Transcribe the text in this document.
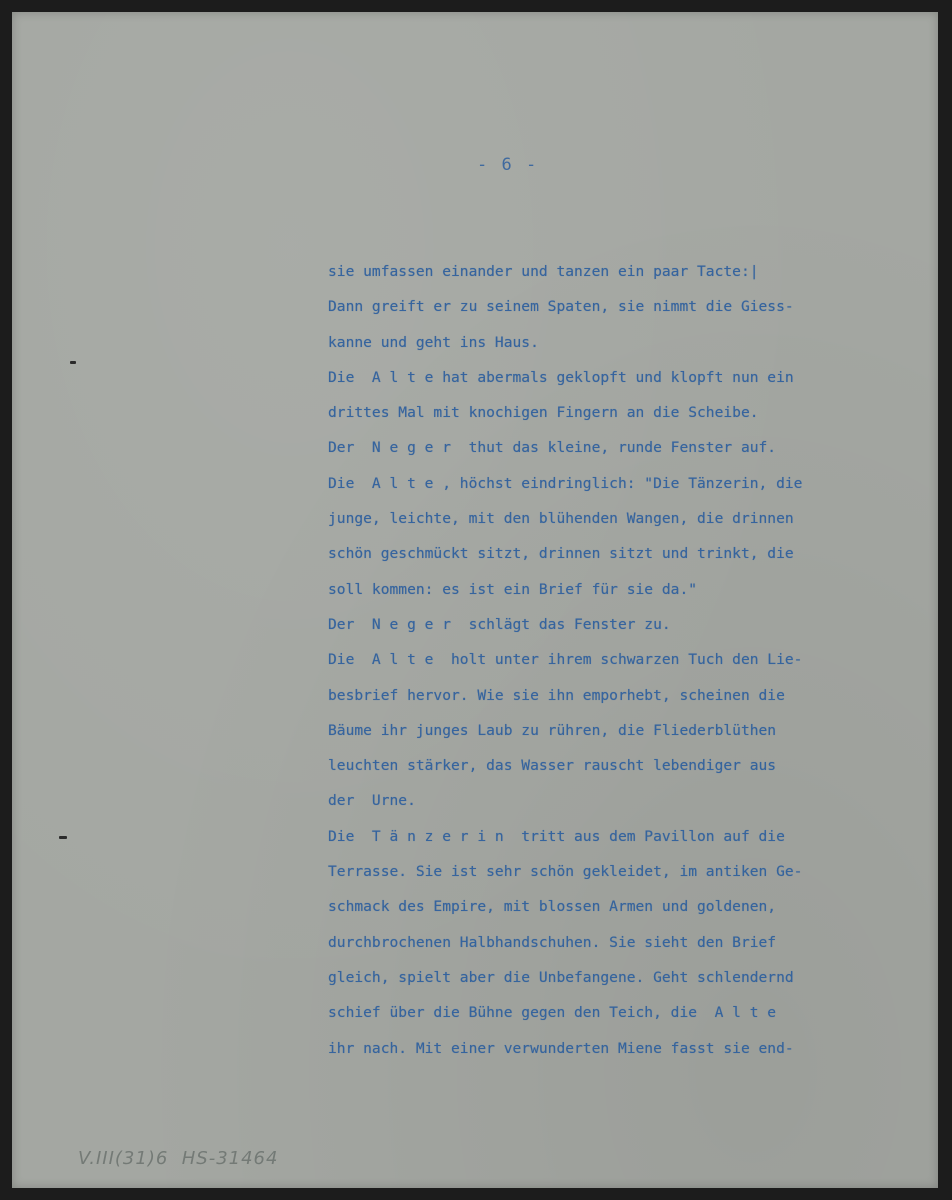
- 6 -
sie umfassen einander und tanzen ein paar Tacte:|
Dann greift er zu seinem Spaten, sie nimmt die Giess-
kanne und geht ins Haus.
Die  A l t e hat abermals geklopft und klopft nun ein
drittes Mal mit knochigen Fingern an die Scheibe.
Der  N e g e r  thut das kleine, runde Fenster auf.
Die  A l t e , höchst eindringlich: "Die Tänzerin, die
junge, leichte, mit den blühenden Wangen, die drinnen
schön geschmückt sitzt, drinnen sitzt und trinkt, die
soll kommen: es ist ein Brief für sie da."
Der  N e g e r  schlägt das Fenster zu.
Die  A l t e  holt unter ihrem schwarzen Tuch den Lie-
besbrief hervor. Wie sie ihn emporhebt, scheinen die
Bäume ihr junges Laub zu rühren, die Fliederblüthen
leuchten stärker, das Wasser rauscht lebendiger aus
der  Urne.
Die  T ä n z e r i n  tritt aus dem Pavillon auf die
Terrasse. Sie ist sehr schön gekleidet, im antiken Ge-
schmack des Empire, mit blossen Armen und goldenen,
durchbrochenen Halbhandschuhen. Sie sieht den Brief
gleich, spielt aber die Unbefangene. Geht schlendernd
schief über die Bühne gegen den Teich, die  A l t e
ihr nach. Mit einer verwunderten Miene fasst sie end-
V.III(31)6  HS-31464
